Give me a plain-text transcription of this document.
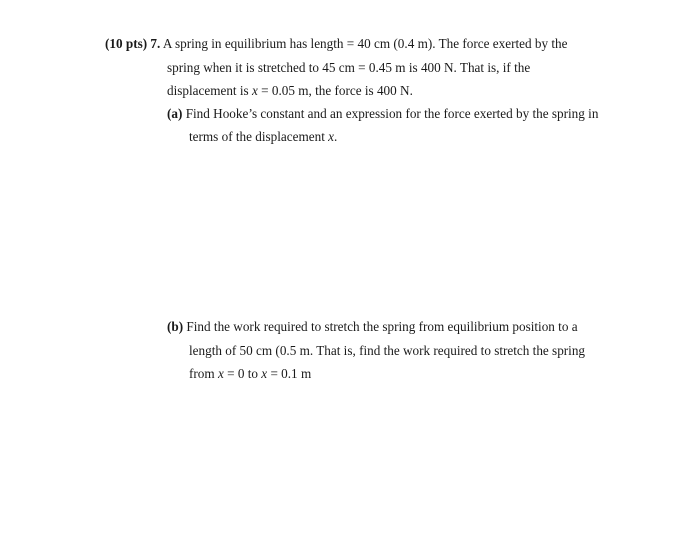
(10 pts) 7. A spring in equilibrium has length = 40 cm (0.4 m). The force exerted by the
spring when it is stretched to 45 cm = 0.45 m is 400 N. That is, if the
displacement is x = 0.05 m, the force is 400 N.
(a) Find Hooke’s constant and an expression for the force exerted by the spring in
terms of the displacement x.
(b) Find the work required to stretch the spring from equilibrium position to a
length of 50 cm (0.5 m. That is, find the work required to stretch the spring
from x = 0 to x = 0.1 m
